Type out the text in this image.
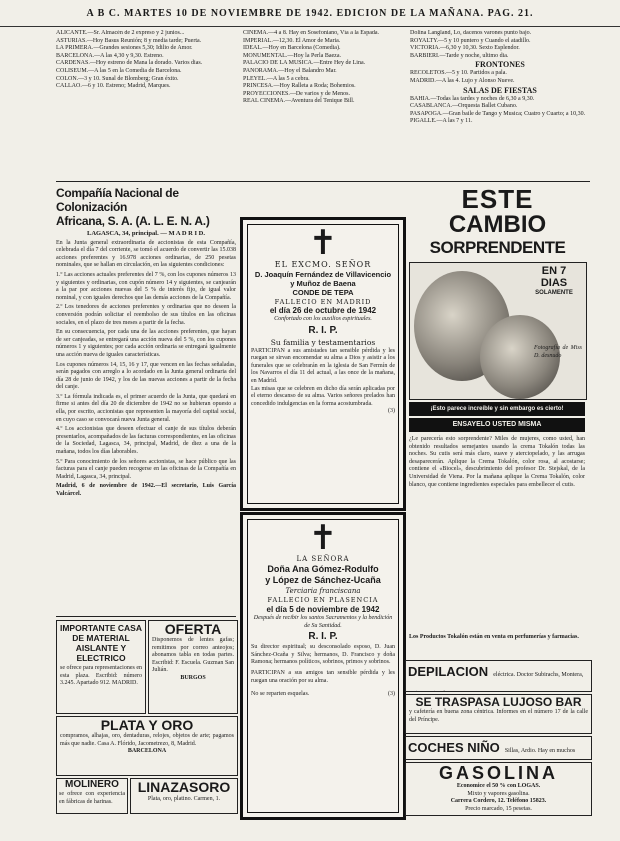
A B C. MARTES 10 DE NOVIEMBRE DE 1942. EDICION DE LA MAÑANA. PAG. 21.
ALICANTE.—Sr. Almacén de 2 expreso y 2 junios...
ASTURIAS.—Hoy Basus Reunión; 8 y media tarde; Puerta.
LA PRIMERA.—Grandes sesiones 5,30; Idilio de Amor.
BARCELONA.—A las 4,30 y 9,30. Estreno.
CARDENAS.—Hoy estreno de Mana la dorado. Varios dias.
COLISEUM.—A las 5 en la Comedia de Barcelona.
COLON.—3 y 10. Sunal de Blomberg; Gran éxito.
CALLAO.—6 y 10. Estreno; Madrid, Marques.
CINEMA.—4 a 8. Hay en Sosefoniano, Vía a la Espada.
IMPERIAL.—12,30. El Amor de Maria.
IDEAL.—Hoy en Barcelona (Comedia).
MONUMENTAL.—Hoy la Perla Baeza.
PALACIO DE LA MUSICA.—Entre Hey de Lina.
PANORAMA.—Hoy el Balandro Mar.
PLEYEL.—A las 5 a cebra.
PRINCESA.—Hoy Ralleta a Roda; Bohemios.
PROYECCIONES.—De varios y de Menos.
REAL CINEMA.—Aventura del Tenique Bill.
Dolina Langland, Lo, dacenos varones punto bajo.
ROYALTY.—5 y 10 puntero y Cuando el atadillo.
VICTORIA.—6,30 y 10,30. Sexto Esplendor.
BARBIERI.—Tarde y noche, ultimo dia.
FRONTONES
RECOLETOS.—5 y 10. Partidos a pala.
MADRID.—A las 4. Lujo y Alonso Nueve.
SALAS DE FIESTAS
BAHIA.—Todas las tardes y noches de 6,30 a 9,30.
CASABLANCA.—Orquesta Ballet Cubano.
PASAPOGA.—Gran baile de Tango y Musica; Cuatro y Cuarto; a 10,30.
PIGALLE.—A las 7 y 11.
Compañía Nacional de Colonización
Africana, S. A. (A. L. E. N. A.)
LAGASCA, 34, principal. — M A D R I D.
En la Junta general extraordinaria de accionistas de esta Compañía, celebrada el día 7 del corriente, se tomó el acuerdo de convertir las 15.038 acciones preferentes y 16.978 acciones ordinarias, de 250 pesetas nominales, que se hallan en circulación, en las siguientes condiciones:
1.º Las acciones actuales preferentes del 7 %, con los cupones números 13 y siguientes y ordinarias, con cupón número 14 y siguientes, se canjearán a la par por acciones nuevas del 5 % de interés fijo, de igual valor nominal, y con iguales derechos que las demás acciones de la Compañía.
2.º Los tenedores de acciones preferentes y ordinarias que no deseen la conversión podrán solicitar el reembolso de sus títulos en las oficinas sociales, en el plazo de tres meses a partir de la fecha.
En su consecuencia, por cada una de las acciones preferentes, que hayan de ser canjeadas, se entregará una acción nueva del 5 %, con los cupones números 1 y siguientes; por cada acción ordinaria se entregará igualmente una acción nueva de iguales características.
Los cupones números 14, 15, 16 y 17, que vencen en las fechas señaladas, serán pagados con arreglo a lo acordado en la Junta general ordinaria del día 28 de junio de 1942, y los de las nuevas acciones a partir de la fecha del canje.
3.º La fórmula indicada es, el primer acuerdo de la Junta, que quedará en firme si antes del día 20 de diciembre de 1942 no se hubieran opuesto a ella, por escrito, accionistas que representen la mayoría del capital social, en cuyo caso se convocará nueva Junta general.
4.º Los accionistas que deseen efectuar el canje de sus títulos deberán presentarlos, acompañados de las facturas correspondientes, en las oficinas de la Sociedad, Lagasca, 34, principal, Madrid, de diez a una de la mañana, todos los días laborables.
5.º Para conocimiento de los señores accionistas, se hace público que las facturas para el canje pueden recogerse en las oficinas de la Compañía en Madrid, Lagasca, 34, principal.
Madrid, 6 de noviembre de 1942.—El secretario, Luis García Valcárcel.
IMPORTANTE CASA DE MATERIAL AISLANTE Y ELECTRICO
se ofrece para representaciones en esta plaza. Escribid: número 3.245. Apartado 912. MADRID.
OFERTA
Disponemos de lentes gafas; remitimos por correo anteojos; abonamos tabla en todas partes. Escribid: F. Escuela. Guzman San Julián.
BURGOS
PLATA Y ORO
compramos, alhajas, oro, dentaduras, relojes, objetos de arte; pagamos más que nadie. Casa A. Flórido, Jacometrezo, 8, Madrid.
BARCELONA
MOLINERO
se ofrece con experiencia en fábricas de harinas.
LINAZASORO
Plata, oro, platino. Carmen, 1.
✝
EL EXCMO. SEÑOR
D. Joaquín Fernández de Villavicencio
y Muñoz de Baena
CONDE DE TEPA
FALLECIO EN MADRID
el día 26 de octubre de 1942
Confortado con los auxilios espirituales.
R. I. P.
Su familia y testamentarios
PARTICIPAN a sus amistades tan sensible pérdida y les ruegan se sirvan encomendar su alma a Dios y asistir a los funerales que se celebrarán en la iglesia de San Fermín de los Navarros el día 11 del actual, a las once de la mañana, en Madrid.
Las misas que se celebren en dicho día serán aplicadas por el eterno descanso de su alma. Varios señores prelados han concedido indulgencias en la forma acostumbrada.
(3)
✝
LA SEÑORA
Doña Ana Gómez-Rodulfo
y López de Sánchez-Ucaña
Terciaria franciscana
FALLECIO EN PLASENCIA
el día 5 de noviembre de 1942
Después de recibir los santos Sacramentos y la bendición de Su Santidad.
R. I. P.
Su director espiritual; su desconsolado esposo, D. Juan Sánchez-Ocaña y Silva; hermanos, D. Francisco y doña Ramona; hermanos políticos, sobrinos, primos y sobrinos.
PARTICIPAN a sus amigos tan sensible pérdida y les ruegan una oración por su alma.
No se reparten esquelas.	(3)
ESTE
CAMBIO
SORPRENDENTE
EN 7
DIAS
SOLAMENTE
Fotografía de Miss D. desnudo
¡Esto parece increíble y sin embargo es cierto!
ENSAYELO USTED MISMA
¿Le parecería esto sorprendente? Miles de mujeres, como usted, han obtenido resultados semejantes usando la crema Tokalón todas las noches. Su cutis será más claro, suave y aterciopelado, y las arrugas desaparecerán. Aplique la Crema Tokalón, color rosa, al acostarse; contiene el «Biocel», descubrimiento del profesor Dr. Stejskal, de la Universidad de Viena. Por la mañana aplique la Crema Tokalón, color blanco, que contiene ingredientes especiales para embellecer el cutis.
Los Productos Tokalón están en venta en perfumerías y farmacias.
DEPILACION eléctrica. Doctor Subirachs, Montera,
SE TRASPASA LUJOSO BAR
y cafetería en buena zona céntrica. Informes en el número 17 de la calle del Príncipe.
COCHES NIÑO Sillas, Ardio. Hay en muchos
GASOLINA
Economice el 50 % con LOGAS.
Mixto y vapores gasolina.
Carrera Cordero, 12. Teléfono 15823.
Precio marcado, 15 pesetas.
